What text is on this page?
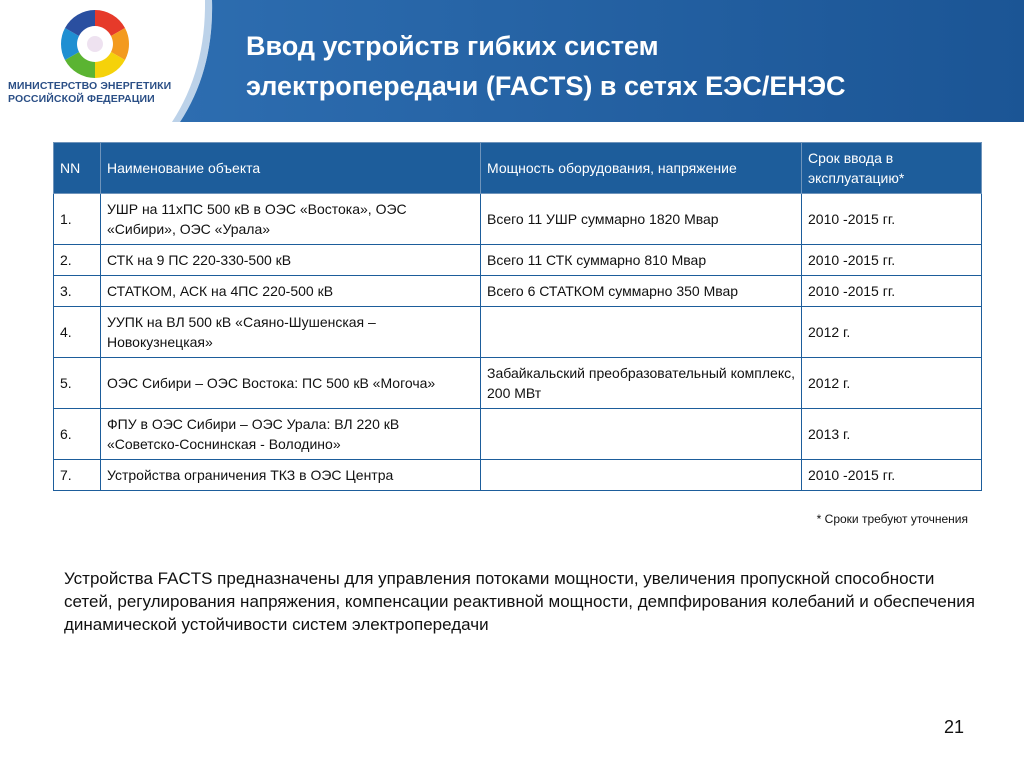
МИНИСТЕРСТВО ЭНЕРГЕТИКИ
РОССИЙСКОЙ ФЕДЕРАЦИИ
Ввод устройств гибких систем
электропередачи (FACTS) в сетях ЕЭС/ЕНЭС
NN	Наименование объекта	Мощность оборудования, напряжение	Срок ввода в эксплуатацию*
1.	УШР на 11хПС 500 кВ в ОЭС «Востока», ОЭС «Сибири», ОЭС «Урала»	Всего 11 УШР суммарно 1820 Мвар	2010 -2015 гг.
2.	СТК на 9 ПС 220-330-500 кВ	Всего 11 СТК суммарно 810 Мвар	2010 -2015 гг.
3.	СТАТКОМ, АСК на 4ПС 220-500 кВ	Всего 6 СТАТКОМ суммарно 350 Мвар	2010 -2015 гг.
4.	УУПК на ВЛ 500 кВ «Саяно-Шушенская – Новокузнецкая»		2012 г.
5.	ОЭС Сибири – ОЭС Востока: ПС 500 кВ «Могоча»	Забайкальский преобразовательный комплекс, 200 МВт	2012 г.
6.	ФПУ в ОЭС Сибири – ОЭС Урала: ВЛ 220 кВ «Советско-Соснинская - Володино»		2013 г.
7.	Устройства ограничения ТКЗ в ОЭС Центра		2010 -2015 гг.
* Сроки требуют уточнения
Устройства FACTS предназначены для управления потоками мощности, увеличения пропускной способности сетей, регулирования напряжения, компенсации реактивной мощности, демпфирования колебаний и обеспечения динамической устойчивости систем электропередачи
21
